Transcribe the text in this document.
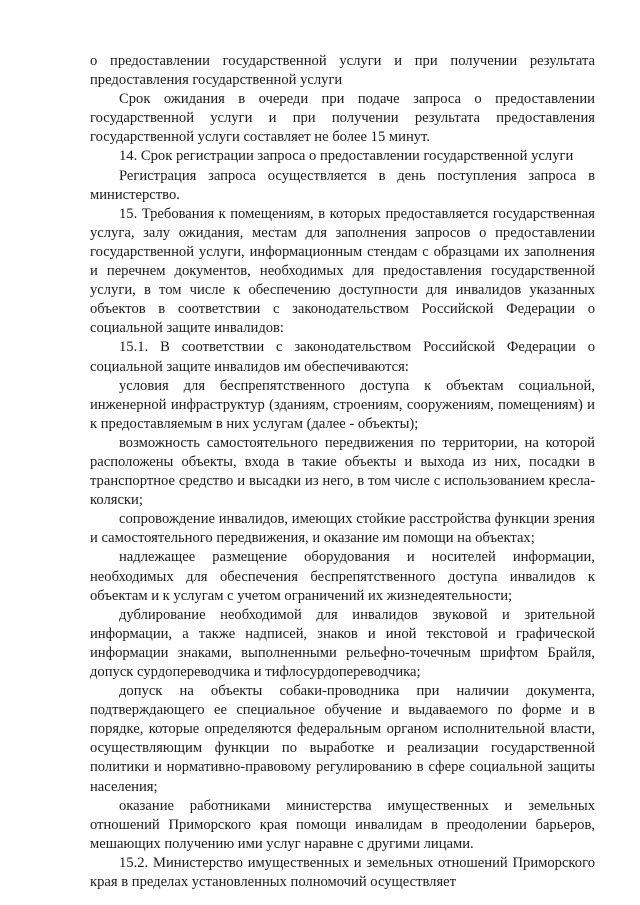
о предоставлении государственной услуги и при получении результата предоставления государственной услуги

Срок ожидания в очереди при подаче запроса о предоставлении государственной услуги и при получении результата предоставления государственной услуги составляет не более 15 минут.

14. Срок регистрации запроса о предоставлении государственной услуги

Регистрация запроса осуществляется в день поступления запроса в министерство.

15. Требования к помещениям, в которых предоставляется государственная услуга, залу ожидания, местам для заполнения запросов о предоставлении государственной услуги, информационным стендам с образцами их заполнения и перечнем документов, необходимых для предоставления государственной услуги, в том числе к обеспечению доступности для инвалидов указанных объектов в соответствии с законодательством Российской Федерации о социальной защите инвалидов:

15.1. В соответствии с законодательством Российской Федерации о социальной защите инвалидов им обеспечиваются:

условия для беспрепятственного доступа к объектам социальной, инженерной инфраструктур (зданиям, строениям, сооружениям, помещениям) и к предоставляемым в них услугам (далее - объекты);

возможность самостоятельного передвижения по территории, на которой расположены объекты, входа в такие объекты и выхода из них, посадки в транспортное средство и высадки из него, в том числе с использованием кресла-коляски;

сопровождение инвалидов, имеющих стойкие расстройства функции зрения и самостоятельного передвижения, и оказание им помощи на объектах;

надлежащее размещение оборудования и носителей информации, необходимых для обеспечения беспрепятственного доступа инвалидов к объектам и к услугам с учетом ограничений их жизнедеятельности;

дублирование необходимой для инвалидов звуковой и зрительной информации, а также надписей, знаков и иной текстовой и графической информации знаками, выполненными рельефно-точечным шрифтом Брайля, допуск сурдопереводчика и тифлосурдопереводчика;

допуск на объекты собаки-проводника при наличии документа, подтверждающего ее специальное обучение и выдаваемого по форме и в порядке, которые определяются федеральным органом исполнительной власти, осуществляющим функции по выработке и реализации государственной политики и нормативно-правовому регулированию в сфере социальной защиты населения;

оказание работниками министерства имущественных и земельных отношений Приморского края помощи инвалидам в преодолении барьеров, мешающих получению ими услуг наравне с другими лицами.

15.2. Министерство имущественных и земельных отношений Приморского края в пределах установленных полномочий осуществляет
